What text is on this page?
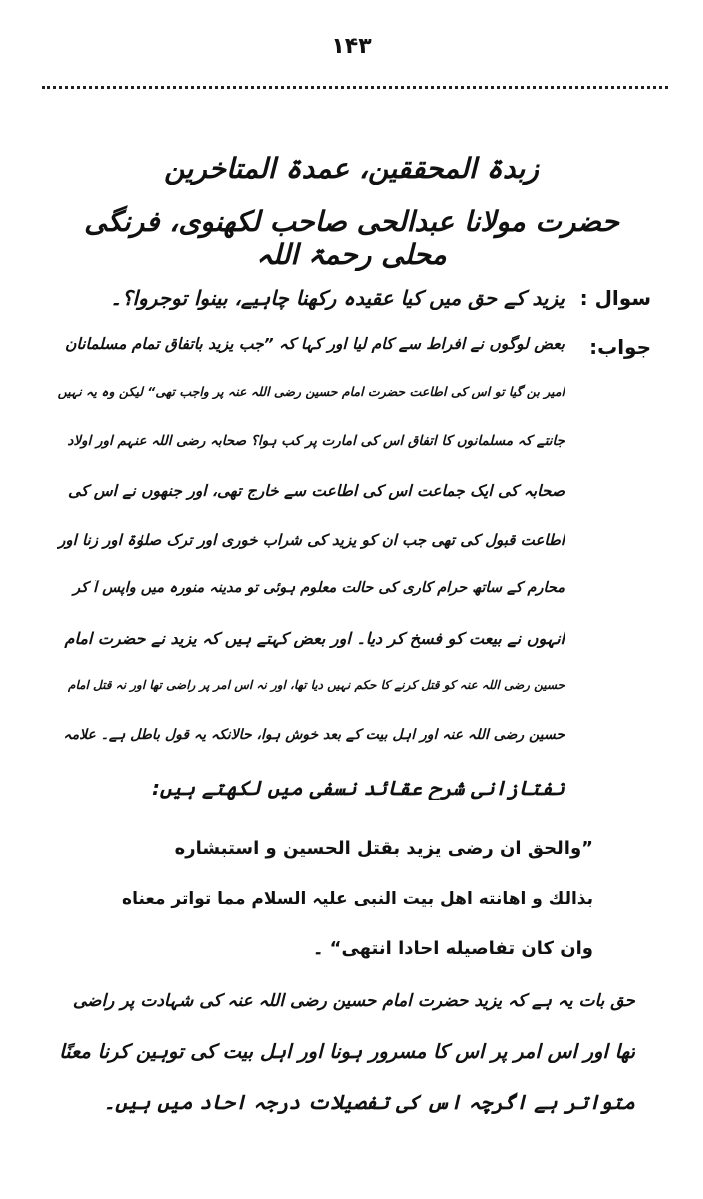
۱۴۳
زبدۃ المحققین، عمدۃ المتاخرین
حضرت مولانا عبدالحی صاحب لکھنوی، فرنگی محلی رحمۃ اللہ
سوال :
یزید کے حق میں کیا عقیدہ رکھنا چاہیے، بینوا توجروا؟۔
جواب:
بعض لوگوں نے افراط سے کام لیا اور کہا کہ ”جب یزید باتفاق تمام مسلمانان
امیر بن گیا تو اس کی اطاعت حضرت امام حسین رضی اللہ عنہ پر واجب تھی“ لیکن وہ یہ نہیں
جانتے کہ مسلمانوں کا اتفاق اس کی امارت پر کب ہوا؟ صحابہ رضی اللہ عنہم اور اولاد
صحابہ کی ایک جماعت اس کی اطاعت سے خارج تھی، اور جنھوں نے اس کی
اطاعت قبول کی تھی جب ان کو یزید کی شراب خوری اور ترک صلوٰۃ اور زنا اور
محارم کے ساتھ حرام کاری کی حالت معلوم ہوئی تو مدینہ منورہ میں واپس آ کر
انہوں نے بیعت کو فسخ کر دیا۔ اور بعض کہتے ہیں کہ یزید نے حضرت امام
حسین رضی اللہ عنہ کو قتل کرنے کا حکم نہیں دیا تھا، اور نہ اس امر پر راضی تھا اور نہ قتل امام
حسین رضی اللہ عنہ اور اہل بیت کے بعد خوش ہوا، حالانکہ یہ قول باطل ہے۔ علامہ
تفتازانی شرح عقائد نسفی میں لکھتے ہیں:
”والحق ان رضی یزید بقتل الحسین و استبشاره
بذالك و اهانته اهل بيت النبی علیہ السلام مما تواتر معناه
وان كان تفاصيله احادا انتهى“ ۔
حق بات یہ ہے کہ یزید حضرت امام حسین رضی اللہ عنہ کی شہادت پر راضی
تھا اور اس امر پر اس کا مسرور ہونا اور اہل بیت کی توہین کرنا معنًا
متواتر ہے اگرچہ اس کی تفصیلات درجہ احاد میں ہیں۔
